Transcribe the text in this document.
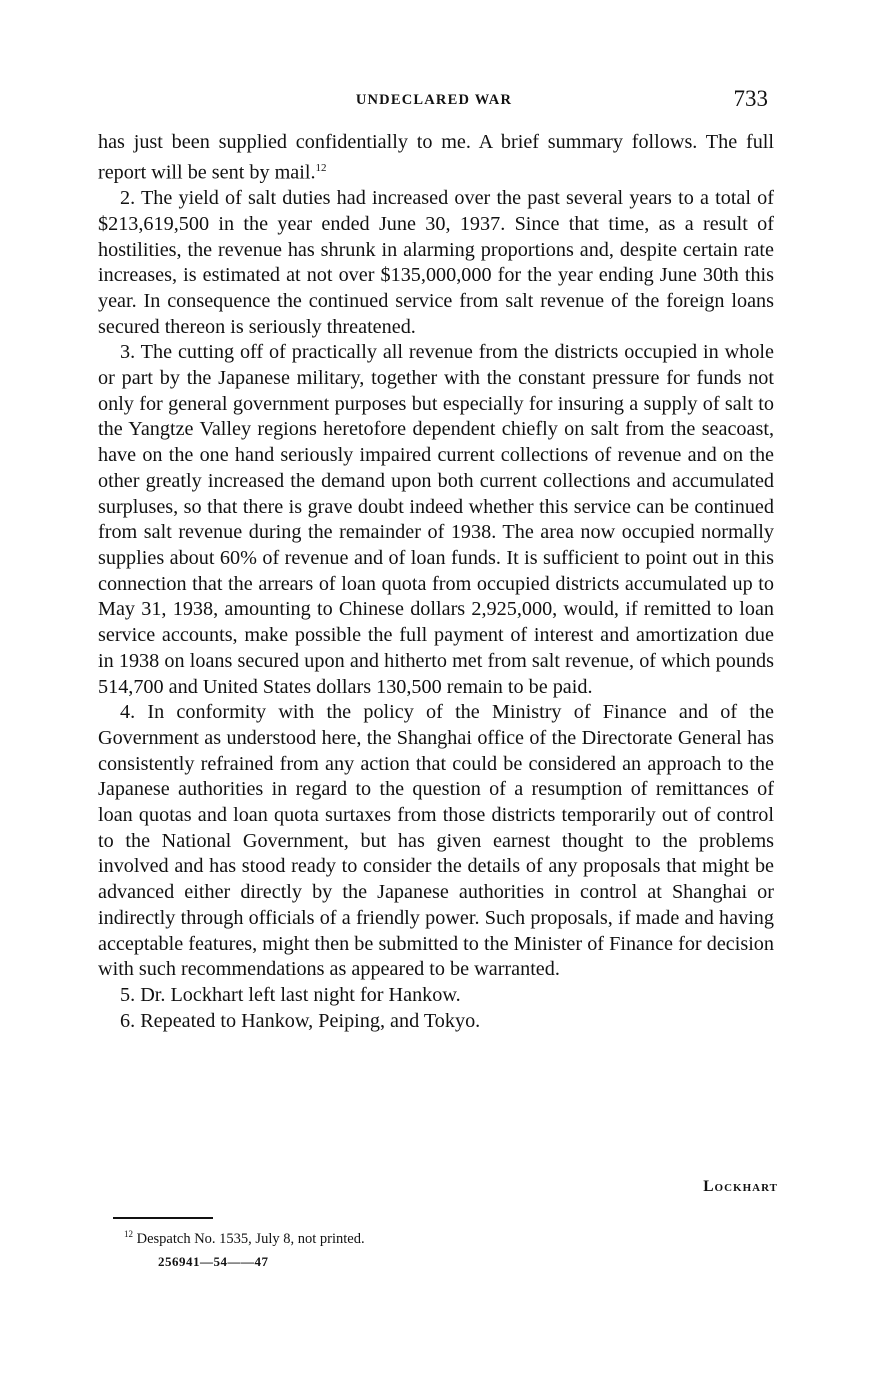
UNDECLARED WAR	733

has just been supplied confidentially to me. A brief summary follows. The full report will be sent by mail.$^{12}$

2. The yield of salt duties had increased over the past several years to a total of $213,619,500 in the year ended June 30, 1937. Since that time, as a result of hostilities, the revenue has shrunk in alarming proportions and, despite certain rate increases, is estimated at not over $135,000,000 for the year ending June 30th this year. In consequence the continued service from salt revenue of the foreign loans secured thereon is seriously threatened.

3. The cutting off of practically all revenue from the districts occupied in whole or part by the Japanese military, together with the constant pressure for funds not only for general government purposes but especially for insuring a supply of salt to the Yangtze Valley regions heretofore dependent chiefly on salt from the seacoast, have on the one hand seriously impaired current collections of revenue and on the other greatly increased the demand upon both current collections and accumulated surpluses, so that there is grave doubt indeed whether this service can be continued from salt revenue during the remainder of 1938. The area now occupied normally supplies about 60% of revenue and of loan funds. It is sufficient to point out in this connection that the arrears of loan quota from occupied districts accumulated up to May 31, 1938, amounting to Chinese dollars 2,925,000, would, if remitted to loan service accounts, make possible the full payment of interest and amortization due in 1938 on loans secured upon and hitherto met from salt revenue, of which pounds 514,700 and United States dollars 130,500 remain to be paid.

4. In conformity with the policy of the Ministry of Finance and of the Government as understood here, the Shanghai office of the Directorate General has consistently refrained from any action that could be considered an approach to the Japanese authorities in regard to the question of a resumption of remittances of loan quotas and loan quota surtaxes from those districts temporarily out of control to the National Government, but has given earnest thought to the problems involved and has stood ready to consider the details of any proposals that might be advanced either directly by the Japanese authorities in control at Shanghai or indirectly through officials of a friendly power. Such proposals, if made and having acceptable features, might then be submitted to the Minister of Finance for decision with such recommendations as appeared to be warranted.

5. Dr. Lockhart left last night for Hankow.

6. Repeated to Hankow, Peiping, and Tokyo.

Lockhart
$^{12}$ Despatch No. 1535, July 8, not printed.
256941—54——47
